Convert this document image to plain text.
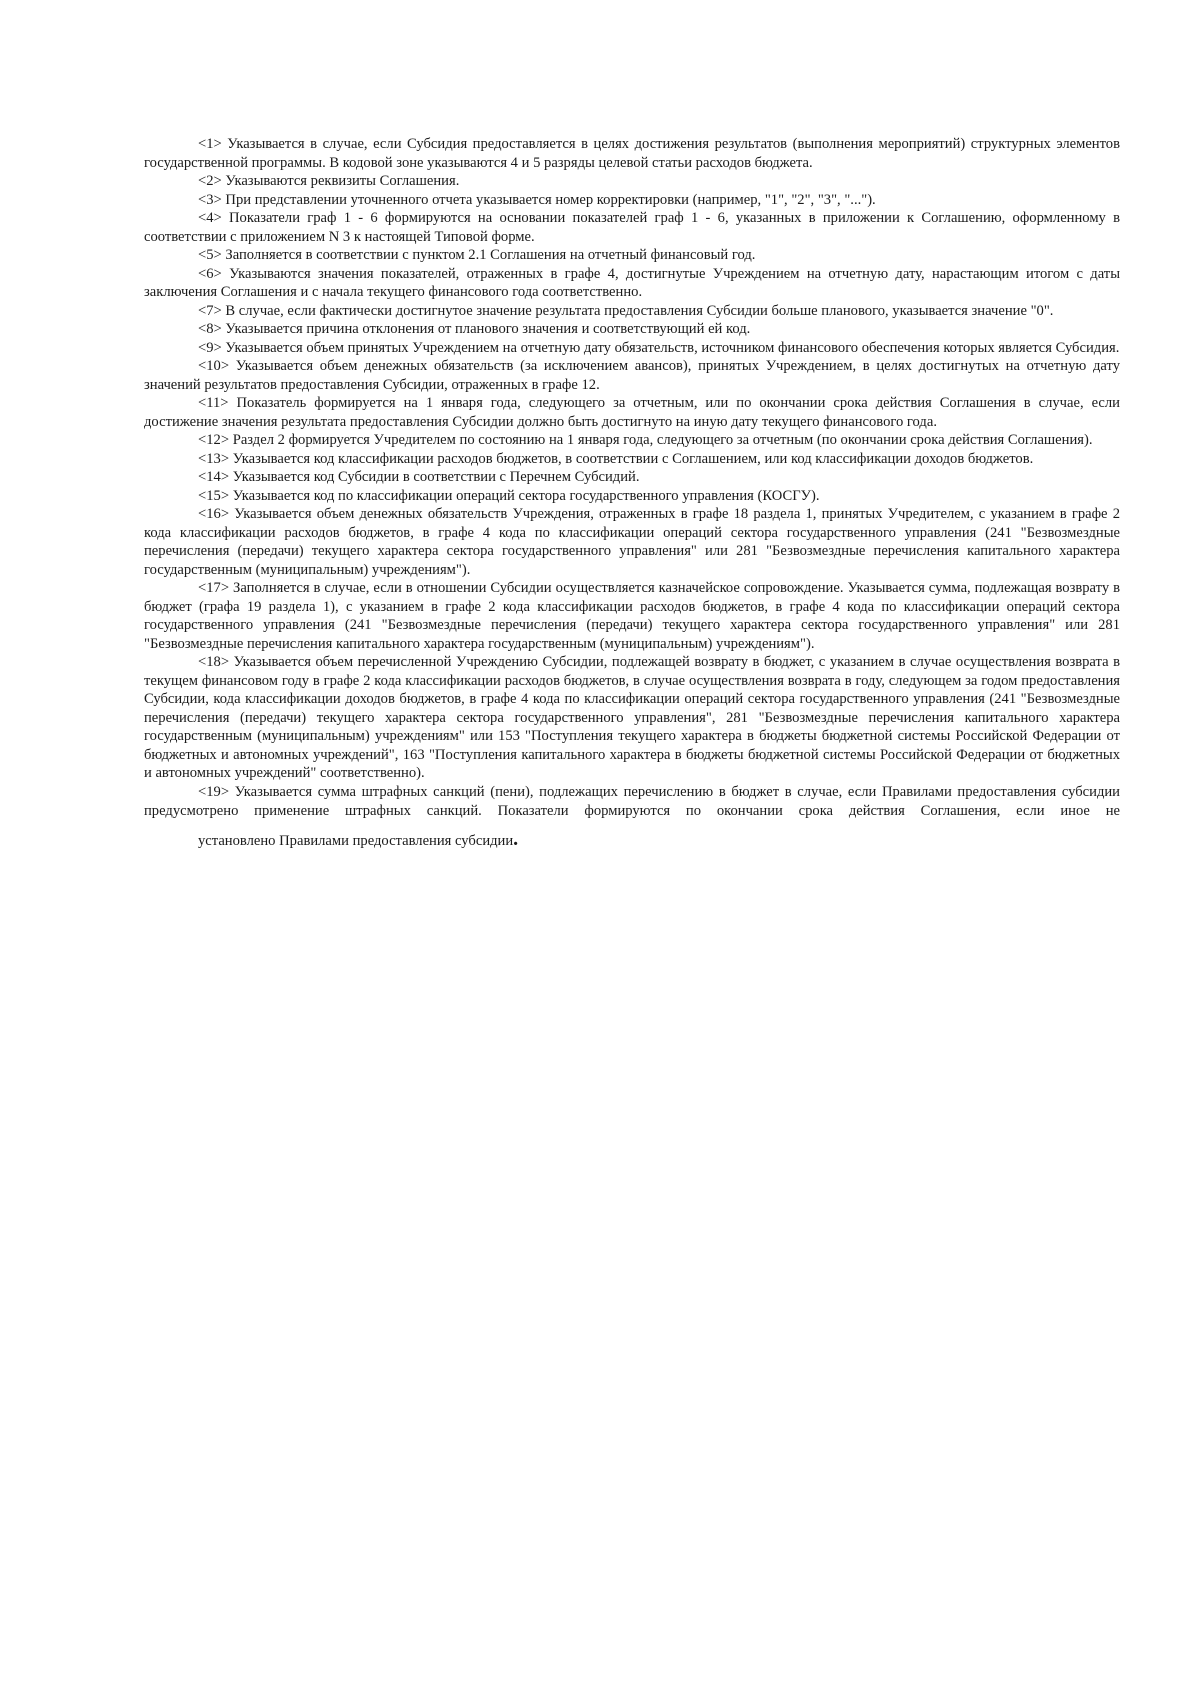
<1> Указывается в случае, если Субсидия предоставляется в целях достижения результатов (выполнения мероприятий) структурных элементов государственной программы. В кодовой зоне указываются 4 и 5 разряды целевой статьи расходов бюджета.

<2> Указываются реквизиты Соглашения.

<3> При представлении уточненного отчета указывается номер корректировки (например, "1", "2", "3", "...").

<4> Показатели граф 1 - 6 формируются на основании показателей граф 1 - 6, указанных в приложении к Соглашению, оформленному в соответствии с приложением N 3 к настоящей Типовой форме.

<5> Заполняется в соответствии с пунктом 2.1 Соглашения на отчетный финансовый год.

<6> Указываются значения показателей, отраженных в графе 4, достигнутые Учреждением на отчетную дату, нарастающим итогом с даты заключения Соглашения и с начала текущего финансового года соответственно.

<7> В случае, если фактически достигнутое значение результата предоставления Субсидии больше планового, указывается значение "0".

<8> Указывается причина отклонения от планового значения и соответствующий ей код.

<9> Указывается объем принятых Учреждением на отчетную дату обязательств, источником финансового обеспечения которых является Субсидия.

<10> Указывается объем денежных обязательств (за исключением авансов), принятых Учреждением, в целях достигнутых на отчетную дату значений результатов предоставления Субсидии, отраженных в графе 12.

<11> Показатель формируется на 1 января года, следующего за отчетным, или по окончании срока действия Соглашения в случае, если достижение значения результата предоставления Субсидии должно быть достигнуто на иную дату текущего финансового года.

<12> Раздел 2 формируется Учредителем по состоянию на 1 января года, следующего за отчетным (по окончании срока действия Соглашения).

<13> Указывается код классификации расходов бюджетов, в соответствии с Соглашением, или код классификации доходов бюджетов.

<14> Указывается код Субсидии в соответствии с Перечнем Субсидий.

<15> Указывается код по классификации операций сектора государственного управления (КОСГУ).

<16> Указывается объем денежных обязательств Учреждения, отраженных в графе 18 раздела 1, принятых Учредителем, с указанием в графе 2 кода классификации расходов бюджетов, в графе 4 кода по классификации операций сектора государственного управления (241 "Безвозмездные перечисления (передачи) текущего характера сектора государственного управления" или 281 "Безвозмездные перечисления капитального характера государственным (муниципальным) учреждениям").

<17> Заполняется в случае, если в отношении Субсидии осуществляется казначейское сопровождение. Указывается сумма, подлежащая возврату в бюджет (графа 19 раздела 1), с указанием в графе 2 кода классификации расходов бюджетов, в графе 4 кода по классификации операций сектора государственного управления (241 "Безвозмездные перечисления (передачи) текущего характера сектора государственного управления" или 281 "Безвозмездные перечисления капитального характера государственным (муниципальным) учреждениям").

<18> Указывается объем перечисленной Учреждению Субсидии, подлежащей возврату в бюджет, с указанием в случае осуществления возврата в текущем финансовом году в графе 2 кода классификации расходов бюджетов, в случае осуществления возврата в году, следующем за годом предоставления Субсидии, кода классификации доходов бюджетов, в графе 4 кода по классификации операций сектора государственного управления (241 "Безвозмездные перечисления (передачи) текущего характера сектора государственного управления", 281 "Безвозмездные перечисления капитального характера государственным (муниципальным) учреждениям" или 153 "Поступления текущего характера в бюджеты бюджетной системы Российской Федерации от бюджетных и автономных учреждений", 163 "Поступления капитального характера в бюджеты бюджетной системы Российской Федерации от бюджетных и автономных учреждений" соответственно).

<19> Указывается сумма штрафных санкций (пени), подлежащих перечислению в бюджет в случае, если Правилами предоставления субсидии предусмотрено применение штрафных санкций. Показатели формируются по окончании срока действия Соглашения, если иное не установлено Правилами предоставления субсидии.
